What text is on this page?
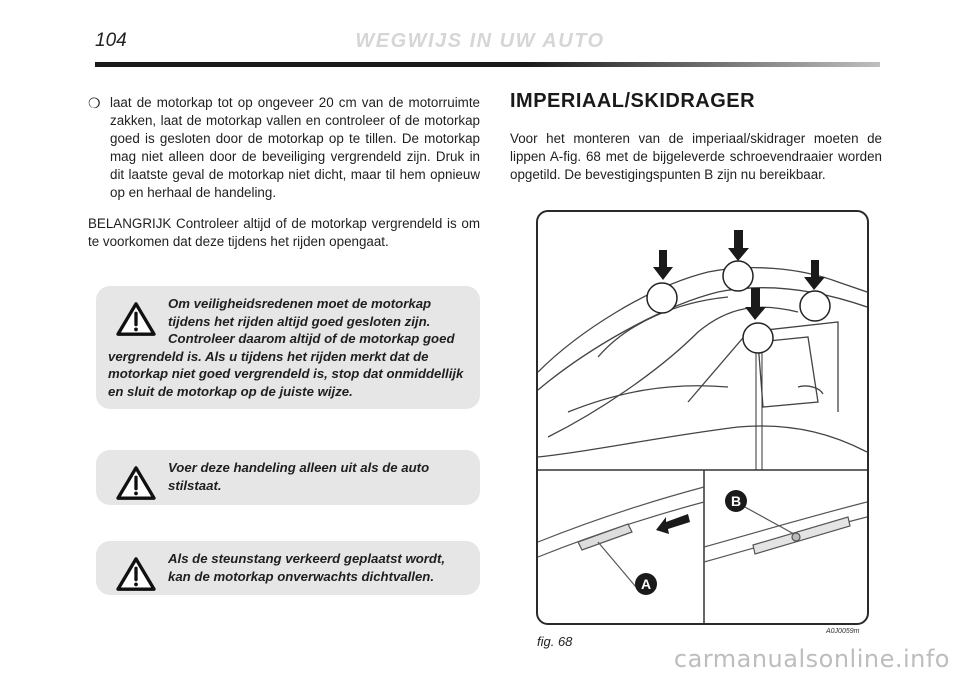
104	WEGWIJS IN UW AUTO
❍ laat de motorkap tot op ongeveer 20 cm van de motorruimte zakken, laat de motorkap vallen en controleer of de motorkap goed is gesloten door de motorkap op te tillen. De motorkap mag niet alleen door de beveiliging vergrendeld zijn. Druk in dit laatste geval de motorkap niet dicht, maar til hem opnieuw op en herhaal de handeling.
BELANGRIJK Controleer altijd of de motorkap vergrendeld is om te voorkomen dat deze tijdens het rijden opengaat.
Om veiligheidsredenen moet de motorkap tijdens het rijden altijd goed gesloten zijn. Controleer daarom altijd of de motorkap goed vergrendeld is. Als u tijdens het rijden merkt dat de motorkap niet goed vergrendeld is, stop dat onmiddellijk en sluit de motorkap op de juiste wijze.
Voer deze handeling alleen uit als de auto stilstaat.
Als de steunstang verkeerd geplaatst wordt, kan de motorkap onverwachts dichtvallen.
IMPERIAAL/SKIDRAGER
Voor het monteren van de imperiaal/skidrager moeten de lippen A-fig. 68 met de bijgeleverde schroevendraaier worden opgetild. De bevestigingspunten B zijn nu bereikbaar.
A
B
A0J0059m
fig. 68
carmanualsonline.info
